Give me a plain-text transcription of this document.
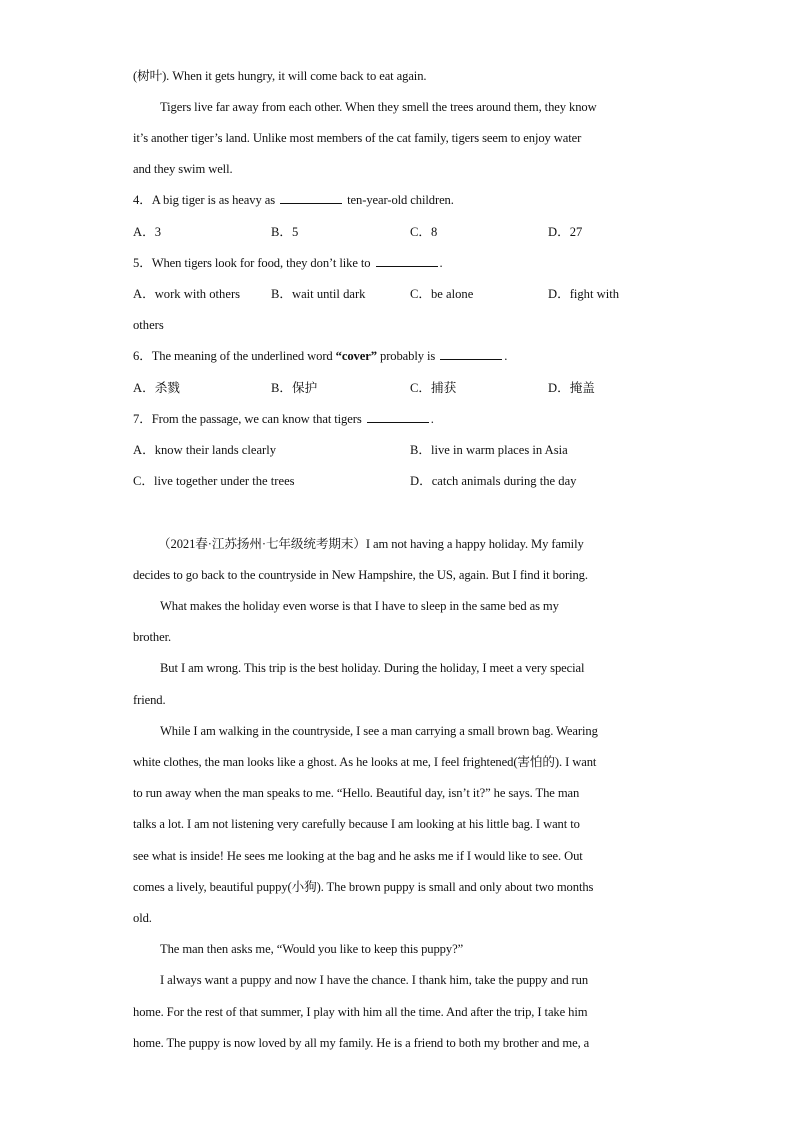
(树叶). When it gets hungry, it will come back to eat again.
Tigers live far away from each other. When they smell the trees around them, they know
it’s another tiger’s land. Unlike most members of the cat family, tigers seem to enjoy water
and they swim well.
4．A big tiger is as heavy as	ten-year-old children.
A．3	B．5	C．8	D．27
5．When tigers look for food, they don’t like to	.
A．work with others B．wait until dark	C．be alone	D．fight with
others
6．The meaning of the underlined word “cover” probably is	.
A．杀戮	B．保护	C．捕获	D．掩盖
7．From the passage, we can know that tigers	.
A．know their lands clearly	B．live in warm places in Asia
C．live together under the trees	D．catch animals during the day
（2021春·江苏扬州·七年级统考期末）I am not having a happy holiday. My family
decides to go back to the countryside in New Hampshire, the US, again. But I find it boring.
What makes the holiday even worse is that I have to sleep in the same bed as my
brother.
But I am wrong. This trip is the best holiday. During the holiday, I meet a very special
friend.
While I am walking in the countryside, I see a man carrying a small brown bag. Wearing
white clothes, the man looks like a ghost. As he looks at me, I feel frightened(害怕的). I want
to run away when the man speaks to me. “Hello. Beautiful day, isn’t it?” he says. The man
talks a lot. I am not listening very carefully because I am looking at his little bag. I want to
see what is inside! He sees me looking at the bag and he asks me if I would like to see. Out
comes a lively, beautiful puppy(小狗). The brown puppy is small and only about two months
old.
The man then asks me, “Would you like to keep this puppy?”
I always want a puppy and now I have the chance. I thank him, take the puppy and run
home. For the rest of that summer, I play with him all the time. And after the trip, I take him
home. The puppy is now loved by all my family. He is a friend to both my brother and me, a
